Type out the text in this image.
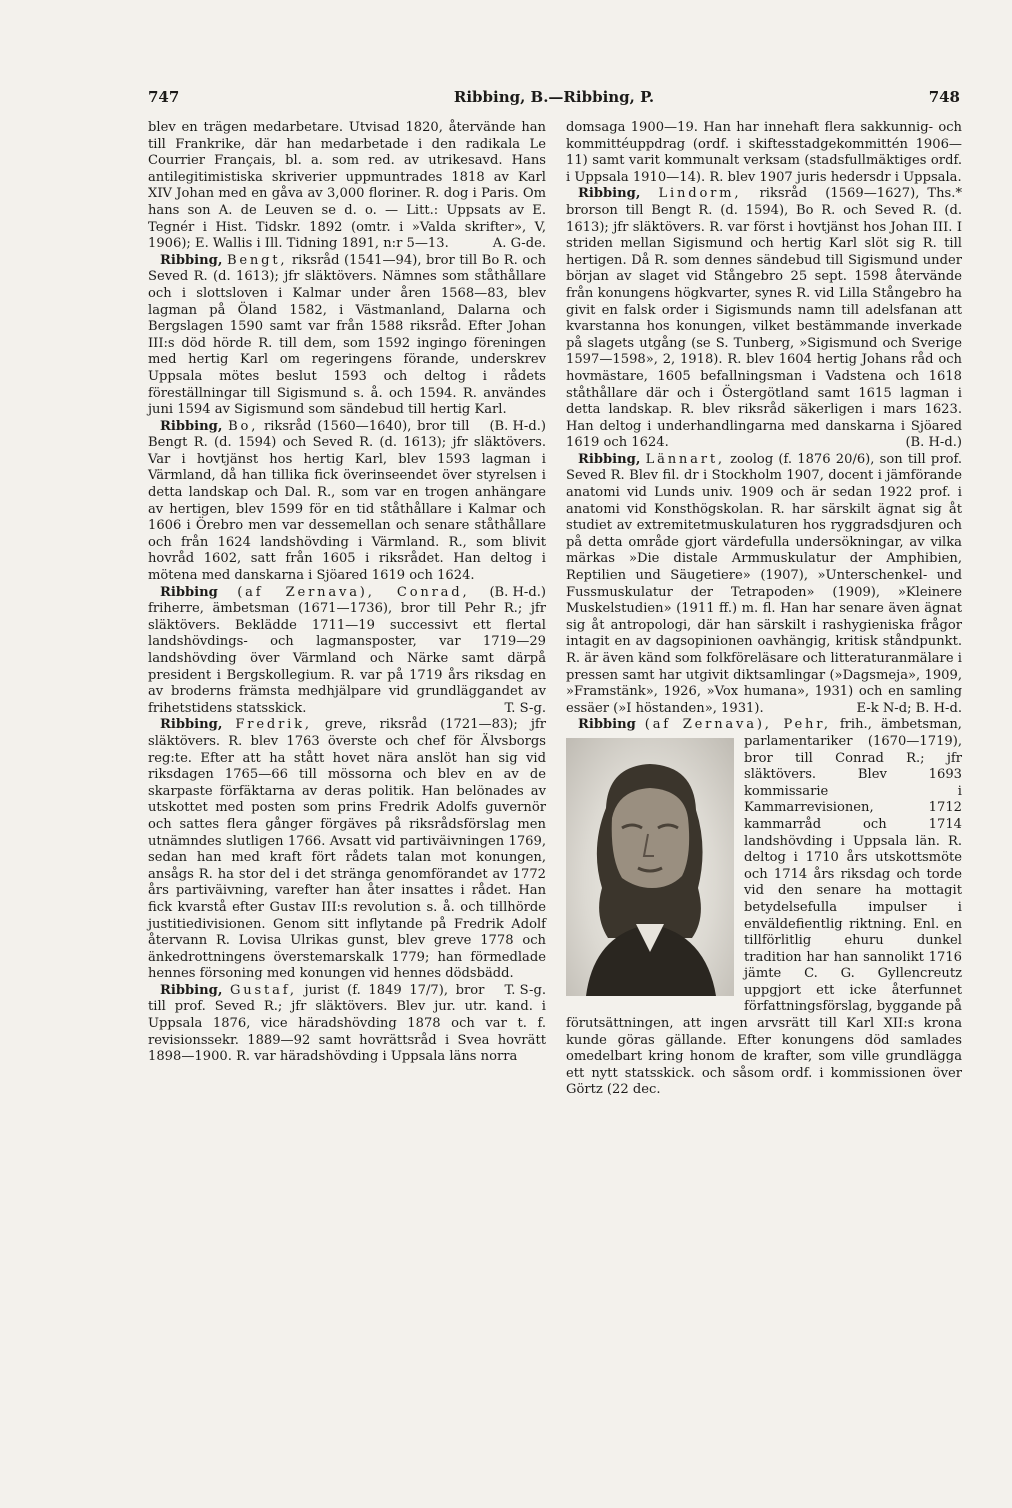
747	Ribbing, B.—Ribbing, P.	748

blev en trägen medarbetare. Utvisad 1820, återvände han till Frankrike, där han medarbetade i den radikala Le Courrier Français, bl. a. som red. av utrikesavd. Hans antilegitimistiska skriverier uppmuntrades 1818 av Karl XIV Johan med en gåva av 3,000 floriner. R. dog i Paris. Om hans son A. de Leuven se d. o. — Litt.: Uppsats av E. Tegnér i Hist. Tidskr. 1892 (omtr. i »Valda skrifter», V, 1906); E. Wallis i Ill. Tidning 1891, n:r 5—13.	A. G-de.

Ribbing, Bengt, riksråd (1541—94), bror till Bo R. och Seved R. (d. 1613); jfr släktövers. Nämnes som ståthållare och i slottsloven i Kalmar under åren 1568—83, blev lagman på Öland 1582, i Västmanland, Dalarna och Bergslagen 1590 samt var från 1588 riksråd. Efter Johan III:s död hörde R. till dem, som 1592 ingingo föreningen med hertig Karl om regeringens förande, underskrev Uppsala mötes beslut 1593 och deltog i rådets föreställningar till Sigismund s. å. och 1594. R. användes juni 1594 av Sigismund som sändebud till hertig Karl.
(B. H-d.)

Ribbing, Bo, riksråd (1560—1640), bror till Bengt R. (d. 1594) och Seved R. (d. 1613); jfr släktövers. Var i hovtjänst hos hertig Karl, blev 1593 lagman i Värmland, då han tillika fick överinseendet över styrelsen i detta landskap och Dal. R., som var en trogen anhängare av hertigen, blev 1599 för en tid ståthållare i Kalmar och 1606 i Örebro men var dessemellan och senare ståthållare och från 1624 landshövding i Värmland. R., som blivit hovråd 1602, satt från 1605 i riksrådet. Han deltog i mötena med danskarna i Sjöared 1619 och 1624.
(B. H-d.)

Ribbing (af Zernava), Conrad, friherre, ämbetsman (1671—1736), bror till Pehr R.; jfr släktövers. Beklädde 1711—19 successivt ett flertal landshövdings- och lagmansposter, var 1719—29 landshövding över Värmland och Närke samt därpå president i Bergskollegium. R. var på 1719 års riksdag en av broderns främsta medhjälpare vid grundläggandet av frihetstidens statsskick.	T. S-g.

Ribbing, Fredrik, greve, riksråd (1721—83); jfr släktövers. R. blev 1763 överste och chef för Älvsborgs reg:te. Efter att ha stått hovet nära anslöt han sig vid riksdagen 1765—66 till mössorna och blev en av de skarpaste förfäktarna av deras politik. Han belönades av utskottet med posten som prins Fredrik Adolfs guvernör och sattes flera gånger förgäves på riksrådsförslag men utnämndes slutligen 1766. Avsatt vid partiväivningen 1769, sedan han med kraft fört rådets talan mot konungen, ansågs R. ha stor del i det stränga genomförandet av 1772 års partiväivning, varefter han åter insattes i rådet. Han fick kvarstå efter Gustav III:s revolution s. å. och tillhörde justitiedivisionen. Genom sitt inflytande på Fredrik Adolf återvann R. Lovisa Ulrikas gunst, blev greve 1778 och änkedrottningens överstemarskalk 1779; han förmedlade hennes försoning med konungen vid hennes dödsbädd.
T. S-g.

Ribbing, Gustaf, jurist (f. 1849 17/7), bror till prof. Seved R.; jfr släktövers. Blev jur. utr. kand. i Uppsala 1876, vice häradshövding 1878 och var t. f. revisionssekr. 1889—92 samt hovrättsråd i Svea hovrätt 1898—1900. R. var häradshövding i Uppsala läns norra

domsaga 1900—19. Han har innehaft flera sakkunnig- och kommittéuppdrag (ordf. i skiftesstadgekommittén 1906—11) samt varit kommunalt verksam (stadsfullmäktiges ordf. i Uppsala 1910—14). R. blev 1907 juris hedersdr i Uppsala.
Ths.*

Ribbing, Lindorm, riksråd (1569—1627), brorson till Bengt R. (d. 1594), Bo R. och Seved R. (d. 1613); jfr släktövers. R. var först i hovtjänst hos Johan III. I striden mellan Sigismund och hertig Karl slöt sig R. till hertigen. Då R. som dennes sändebud till Sigismund under början av slaget vid Stångebro 25 sept. 1598 återvände från konungens högkvarter, synes R. vid Lilla Stångebro ha givit en falsk order i Sigismunds namn till adelsfanan att kvarstanna hos konungen, vilket bestämmande inverkade på slagets utgång (se S. Tunberg, »Sigismund och Sverige 1597—1598», 2, 1918). R. blev 1604 hertig Johans råd och hovmästare, 1605 befallningsman i Vadstena och 1618 ståthållare där och i Östergötland samt 1615 lagman i detta landskap. R. blev riksråd säkerligen i mars 1623. Han deltog i underhandlingarna med danskarna i Sjöared 1619 och 1624.	(B. H-d.)

Ribbing, Lännart, zoolog (f. 1876 20/6), son till prof. Seved R. Blev fil. dr i Stockholm 1907, docent i jämförande anatomi vid Lunds univ. 1909 och är sedan 1922 prof. i anatomi vid Konsthögskolan. R. har särskilt ägnat sig åt studiet av extremitetmuskulaturen hos ryggradsdjuren och på detta område gjort värdefulla undersökningar, av vilka märkas »Die distale Armmuskulatur der Amphibien, Reptilien und Säugetiere» (1907), »Unterschenkel- und Fussmuskulatur der Tetrapoden» (1909), »Kleinere Muskelstudien» (1911 ff.) m. fl. Han har senare även ägnat sig åt antropologi, där han särskilt i rashygieniska frågor intagit en av dagsopinionen oavhängig, kritisk ståndpunkt. R. är även känd som folkföreläsare och litteraturanmälare i pressen samt har utgivit diktsamlingar (»Dagsmeja», 1909, »Framstänk», 1926, »Vox humana», 1931) och en samling essäer (»I höstanden», 1931).	E-k N-d; B. H-d.

Ribbing (af Zernava), Pehr, frih., ämbetsman, parlamentariker (1670—1719), bror till Conrad R.; jfr släktövers. Blev 1693 kommissarie i Kammarrevisionen, 1712 kammarråd och 1714 landshövding i Uppsala län. R. deltog i 1710 års utskottsmöte och 1714 års riksdag och torde vid den senare ha mottagit betydelsefulla impulser i enväldefientlig riktning. Enl. en tillförlitlig ehuru dunkel tradition har han sannolikt 1716 jämte C. G. Gyllencreutz uppgjort ett icke återfunnet författningsförslag, byggande på förutsättningen, att ingen arvsrätt till Karl XII:s krona kunde göras gällande. Efter konungens död samlades omedelbart kring honom de krafter, som ville grundlägga ett nytt statsskick. och såsom ordf. i kommissionen över Görtz (22 dec.
